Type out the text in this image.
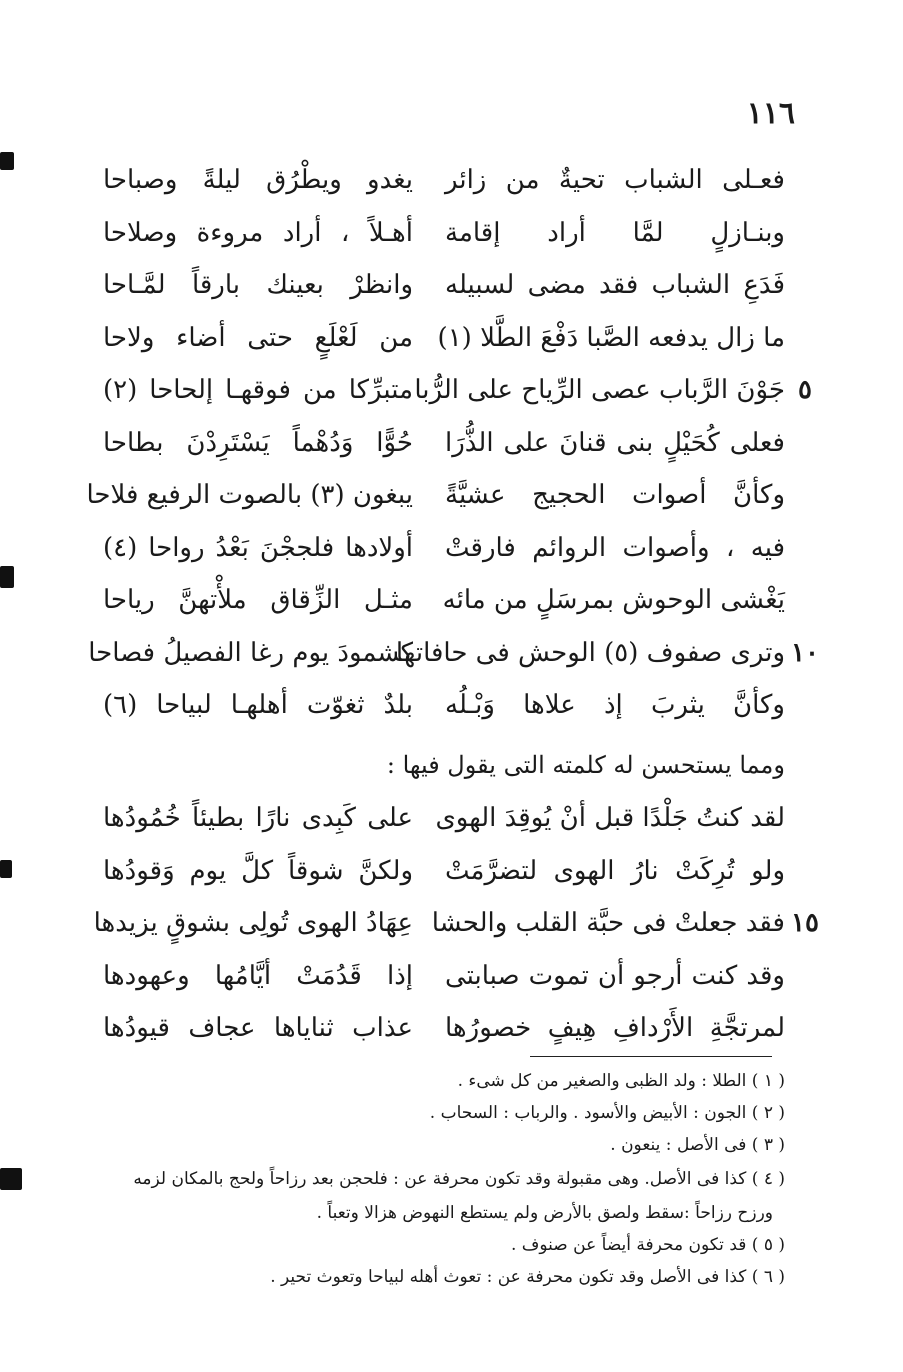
١١٦
فعـلى الشباب تحيةٌ من زائر
يغدو ويطْرُق ليلةً وصباحا
وبنـازلٍ لمَّا أراد إقامة
أهـلاً ، أراد مروءة وصلاحا
فَدَعِ الشباب فقد مضى لسبيله
وانظرْ بعينك بارقاً لمَّـاحا
ما زال يدفعه الصَّبا دَفْعَ الطَّلا (١)
من لَعْلَعٍ حتى أضاء ولاحا
جَوْنَ الرَّباب عصى الرِّياح على الرُّبا
متبرِّكا من فوقهـا إلحاحا (٢)	٥
فعلى كُحَيْلٍ بنى قنانَ على الذُّرَا
حُوًّا وَدُهْماً يَسْتَرِدْنَ بطاحا
وكأنَّ أصوات الحجيج عشيَّةً
يبغون (٣) بالصوت الرفيع فلاحا
فيه ، وأصوات الروائم فارقتْ
أولادها فلججْنَ بَعْدُ رواحا (٤)
يَغْشى الوحوش بمرسَلٍ من مائه
مثـل الزِّقاق ملأْتهنَّ رياحا
وترى صفوف (٥) الوحش فى حافاتها
كشمودَ يوم رغا الفصيلُ فصاحا	١٠
وكأنَّ يثربَ إذ علاها وَبْـلُه
بلدٌ ثغوّت أهلهـا لبياحا (٦)
ومما يستحسن له كلمته التى يقول فيها :
لقد كنتُ جَلْدًا قبل أنْ يُوقِدَ الهوى
على كَبِدى نارًا بطيئاً خُمُودُها
ولو تُرِكَتْ نارُ الهوى لتضرَّمَتْ
ولكنَّ شوقاً كلَّ يوم وَقودُها
فقد جعلتْ فى حبَّة القلب والحشا
عِهَادُ الهوى تُولِى بشوقٍ يزيدها	١٥
وقد كنت أرجو أن تموت صبابتى
إذا قَدُمَتْ أيَّامُها وعهودها
لمرتجَّةِ الأَرْدافِ هِيفٍ خصورُها
عذاب ثناياها عجاف قيودُها
( ١ ) الطلا : ولد الظبى والصغير من كل شىء .
( ٢ ) الجون : الأبيض والأسود . والرباب : السحاب .
( ٣ ) فى الأصل : ينعون .
( ٤ ) كذا فى الأصل. وهى مقبولة وقد تكون محرفة عن : فلحجن بعد رزاحاً ولحج بالمكان لزمه
ورزح رزاحاً :سقط ولصق بالأرض ولم يستطع النهوض هزالا وتعباً .
( ٥ ) قد تكون محرفة أيضاً عن صنوف .
( ٦ ) كذا فى الأصل وقد تكون محرفة عن : تعوث أهله لبياحا وتعوث تحير .
